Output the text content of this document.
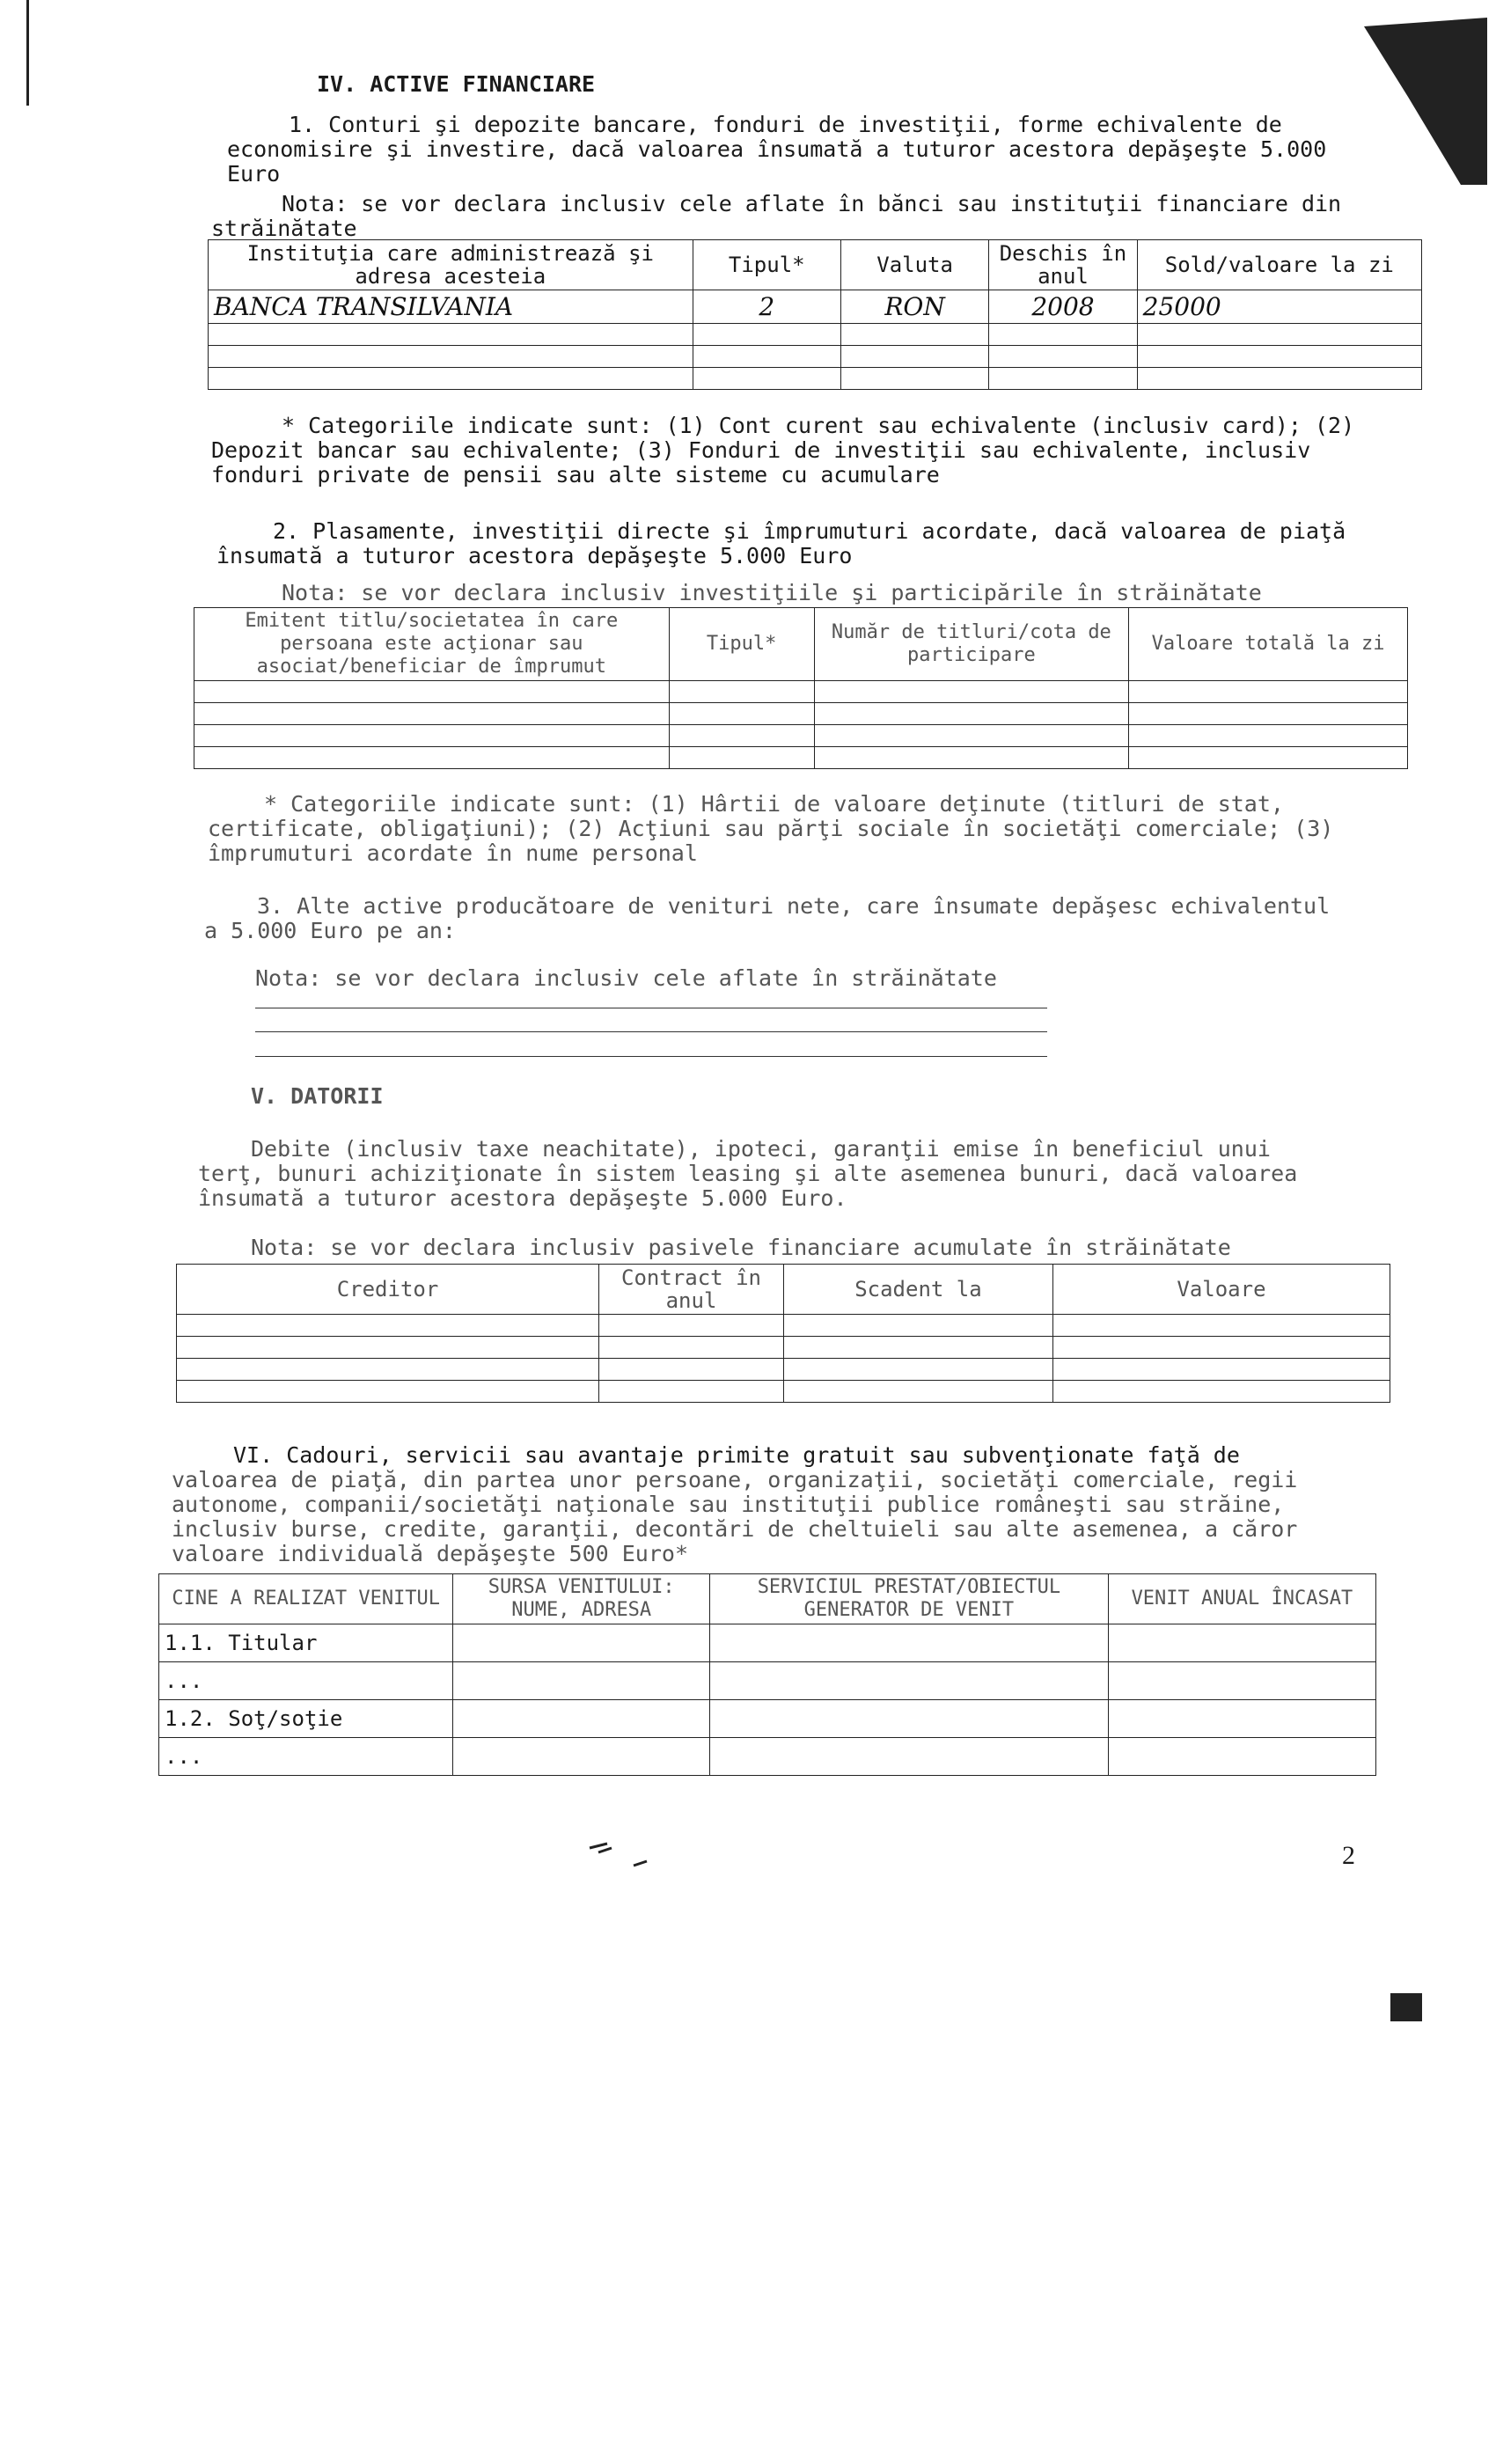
IV. ACTIVE FINANCIARE
1. Conturi şi depozite bancare, fonduri de investiţii, forme echivalente de
economisire şi investire, dacă valoarea însumată a tuturor acestora depăşeşte 5.000
Euro
Nota: se vor declara inclusiv cele aflate în bănci sau instituţii financiare din
străinătate
Instituţia care administrează şi adresa acesteia	Tipul*	Valuta	Deschis în anul	Sold/valoare la zi
BANCA TRANSILVANIA	2	RON	2008	25000

* Categoriile indicate sunt: (1) Cont curent sau echivalente (inclusiv card); (2)
Depozit bancar sau echivalente; (3) Fonduri de investiţii sau echivalente, inclusiv
fonduri private de pensii sau alte sisteme cu acumulare
2. Plasamente, investiţii directe şi împrumuturi acordate, dacă valoarea de piaţă
însumată a tuturor acestora depăşeşte 5.000 Euro
Nota: se vor declara inclusiv investiţiile şi participările în străinătate
Emitent titlu/societatea în care persoana este acţionar sau asociat/beneficiar de împrumut	Tipul*	Număr de titluri/cota de participare	Valoare totală la zi

* Categoriile indicate sunt: (1) Hârtii de valoare deţinute (titluri de stat,
certificate, obligaţiuni); (2) Acţiuni sau părţi sociale în societăţi comerciale; (3)
împrumuturi acordate în nume personal
3. Alte active producătoare de venituri nete, care însumate depăşesc echivalentul
a 5.000 Euro pe an:
Nota: se vor declara inclusiv cele aflate în străinătate
V. DATORII
Debite (inclusiv taxe neachitate), ipoteci, garanţii emise în beneficiul unui
terţ, bunuri achiziţionate în sistem leasing şi alte asemenea bunuri, dacă valoarea
însumată a tuturor acestora depăşeşte 5.000 Euro.
Nota: se vor declara inclusiv pasivele financiare acumulate în străinătate
Creditor	Contract în anul	Scadent la	Valoare

VI. Cadouri, servicii sau avantaje primite gratuit sau subvenţionate faţă de
valoarea de piaţă, din partea unor persoane, organizaţii, societăţi comerciale, regii
autonome, companii/societăţi naţionale sau instituţii publice româneşti sau străine,
inclusiv burse, credite, garanţii, decontări de cheltuieli sau alte asemenea, a căror
valoare individuală depăşeşte 500 Euro*
CINE A REALIZAT VENITUL	SURSA VENITULUI: NUME, ADRESA	SERVICIUL PRESTAT/OBIECTUL GENERATOR DE VENIT	VENIT ANUAL ÎNCASAT
1.1. Titular			
...			
1.2. Soţ/soţie			
...			
2
